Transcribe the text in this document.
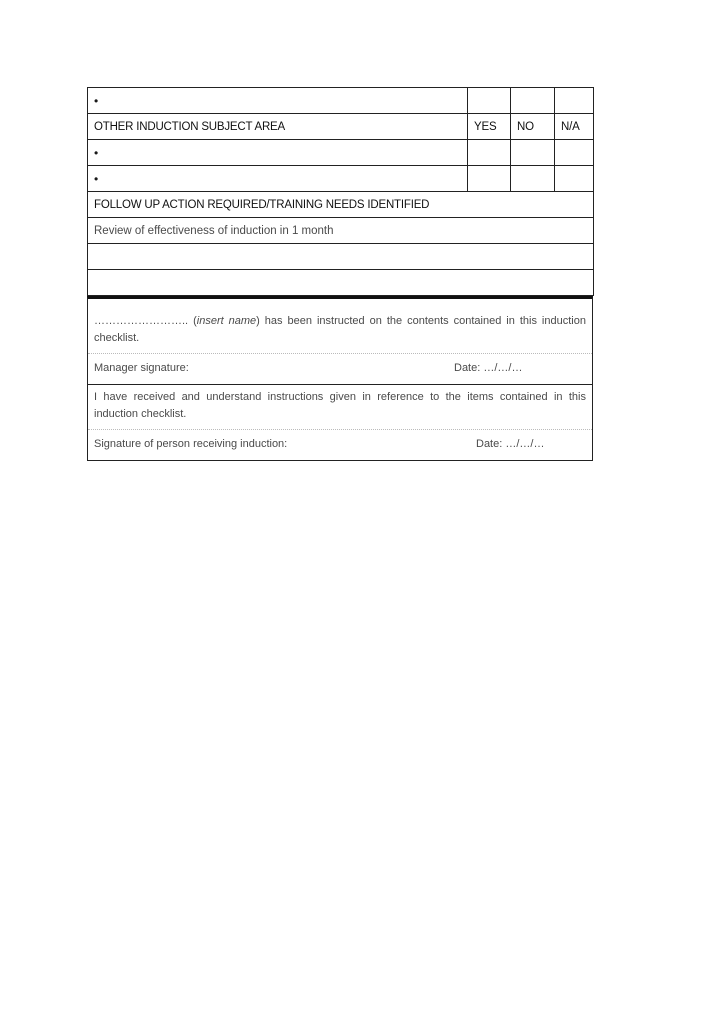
•			
OTHER INDUCTION SUBJECT AREA	YES	NO	N/A
•			
•			
FOLLOW UP ACTION REQUIRED/TRAINING NEEDS IDENTIFIED			
Review of effectiveness of induction in 1 month			

…………………….. (insert name) has been instructed on the contents contained in this induction checklist.
Manager signature:	Date: …/…/…
I have received and understand instructions given in reference to the items contained in this induction checklist.
Signature of person receiving induction:	Date: …/…/…
